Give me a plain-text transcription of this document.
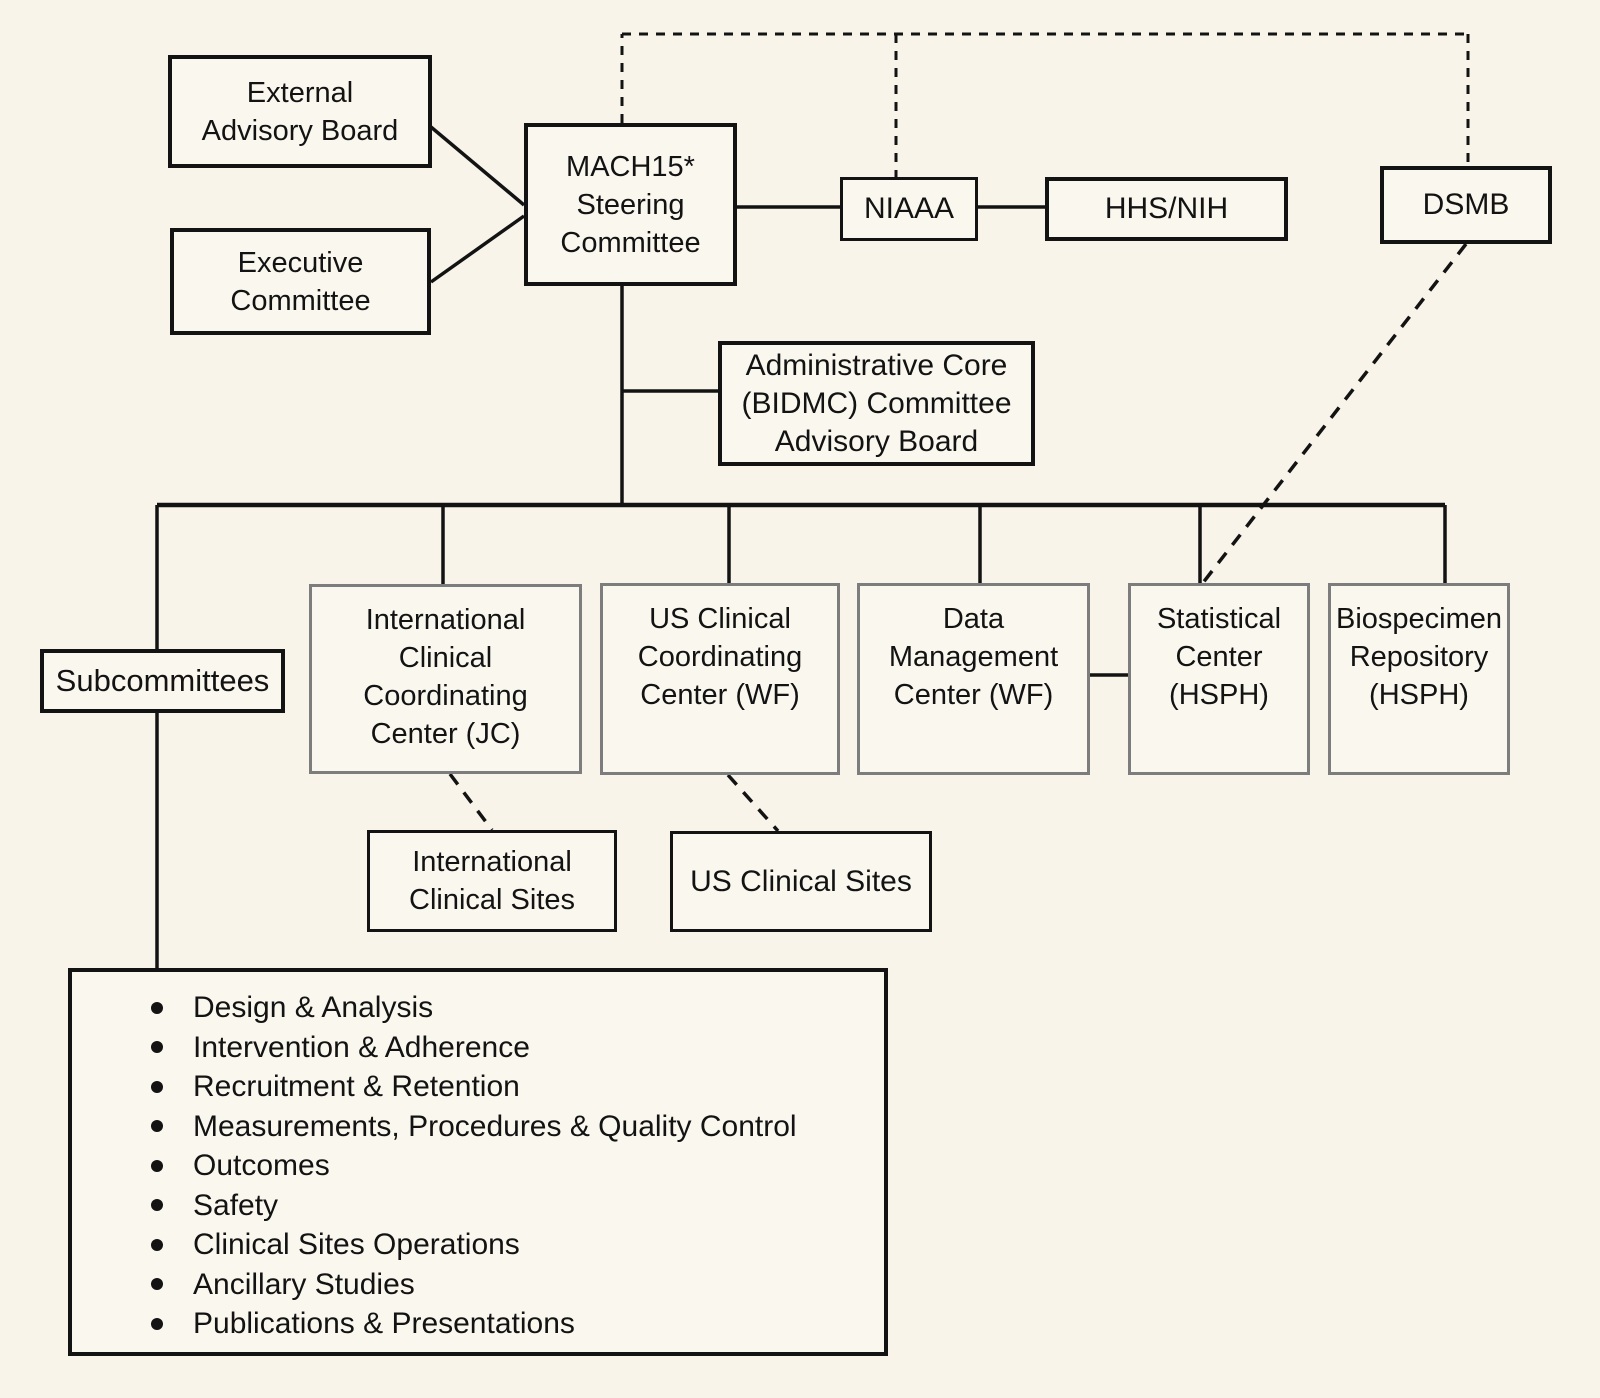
External
Advisory Board
Executive
Committee
MACH15*
Steering
Committee
NIAAA	HHS/NIH	DSMB
Administrative Core
(BIDMC) Committee
Advisory Board
Subcommittees
International
Clinical
Coordinating
Center (JC)
US Clinical
Coordinating
Center (WF)
Data
Management
Center (WF)
Statistical
Center
(HSPH)
Biospecimen
Repository
(HSPH)
International
Clinical Sites
US Clinical Sites
Design & Analysis
Intervention & Adherence
Recruitment & Retention
Measurements, Procedures & Quality Control
Outcomes
Safety
Clinical Sites Operations
Ancillary Studies
Publications & Presentations
